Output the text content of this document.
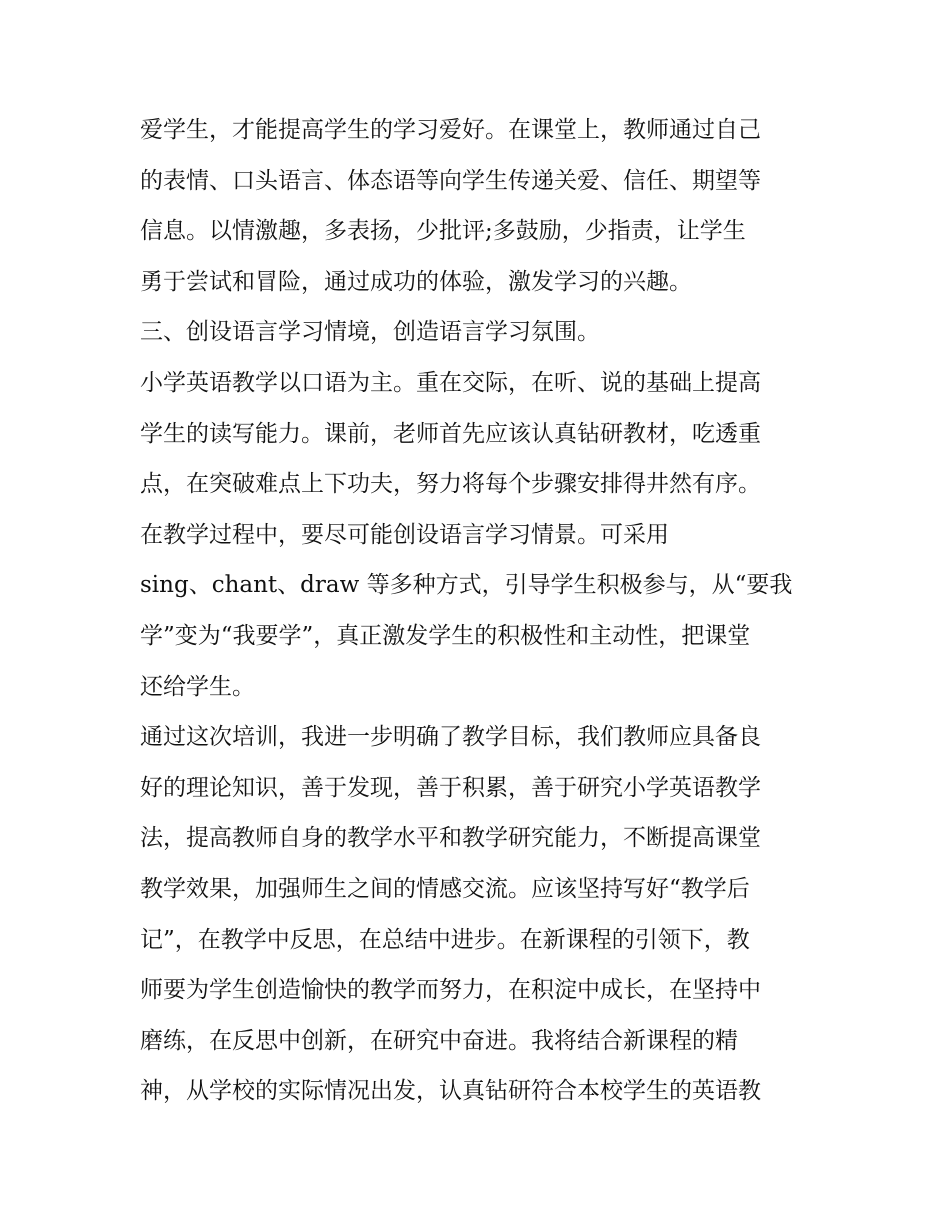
爱学生，才能提高学生的学习爱好。在课堂上，教师通过自己
的表情、口头语言、体态语等向学生传递关爱、信任、期望等
信息。以情激趣，多表扬，少批评;多鼓励，少指责，让学生
勇于尝试和冒险，通过成功的体验，激发学习的兴趣。
三、创设语言学习情境，创造语言学习氛围。
小学英语教学以口语为主。重在交际，在听、说的基础上提高
学生的读写能力。课前，老师首先应该认真钻研教材，吃透重
点，在突破难点上下功夫，努力将每个步骤安排得井然有序。
在教学过程中，要尽可能创设语言学习情景。可采用
sing、chant、draw 等多种方式，引导学生积极参与，从“要我
学”变为“我要学”，真正激发学生的积极性和主动性，把课堂
还给学生。
通过这次培训，我进一步明确了教学目标，我们教师应具备良
好的理论知识，善于发现，善于积累，善于研究小学英语教学
法，提高教师自身的教学水平和教学研究能力，不断提高课堂
教学效果，加强师生之间的情感交流。应该坚持写好“教学后
记”，在教学中反思，在总结中进步。在新课程的引领下，教
师要为学生创造愉快的教学而努力，在积淀中成长，在坚持中
磨练，在反思中创新，在研究中奋进。我将结合新课程的精
神，从学校的实际情况出发，认真钻研符合本校学生的英语教
